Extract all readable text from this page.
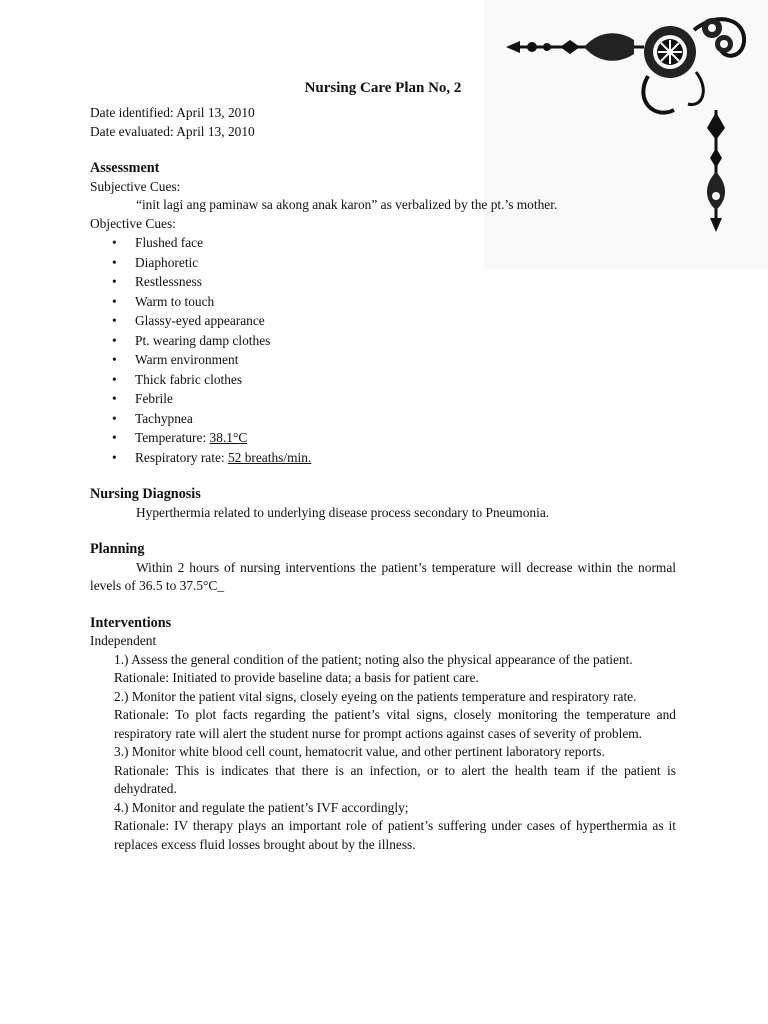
Nursing Care Plan No, 2

Date identified: April 13, 2010

Date evaluated: April 13, 2010

Assessment

Subjective Cues:

“init lagi ang paminaw sa akong anak karon” as verbalized by the pt.’s mother.

Objective Cues:

• Flushed face
• Diaphoretic
• Restlessness
• Warm to touch
• Glassy-eyed appearance
• Pt. wearing damp clothes
• Warm environment
• Thick fabric clothes
• Febrile
• Tachypnea
• Temperature: 38.1°C
• Respiratory rate: 52 breaths/min.

Nursing Diagnosis

Hyperthermia related to underlying disease process secondary to Pneumonia.

Planning

Within 2 hours of nursing interventions the patient’s temperature will decrease within the normal levels of 36.5 to 37.5°C_

Interventions

Independent

1.) Assess the general condition of the patient; noting also the physical appearance of the patient.

Rationale: Initiated to provide baseline data; a basis for patient care.

2.) Monitor the patient vital signs, closely eyeing on the patients temperature and respiratory rate.

Rationale: To plot facts regarding the patient’s vital signs, closely monitoring the temperature and respiratory rate will alert the student nurse for prompt actions against cases of severity of problem.

3.) Monitor white blood cell count, hematocrit value, and other pertinent laboratory reports.

Rationale: This is indicates that there is an infection, or to alert the health team if the patient is dehydrated.

4.) Monitor and regulate the patient’s IVF accordingly;

Rationale: IV therapy plays an important role of patient’s suffering under cases of hyperthermia as it replaces excess fluid losses brought about by the illness.
